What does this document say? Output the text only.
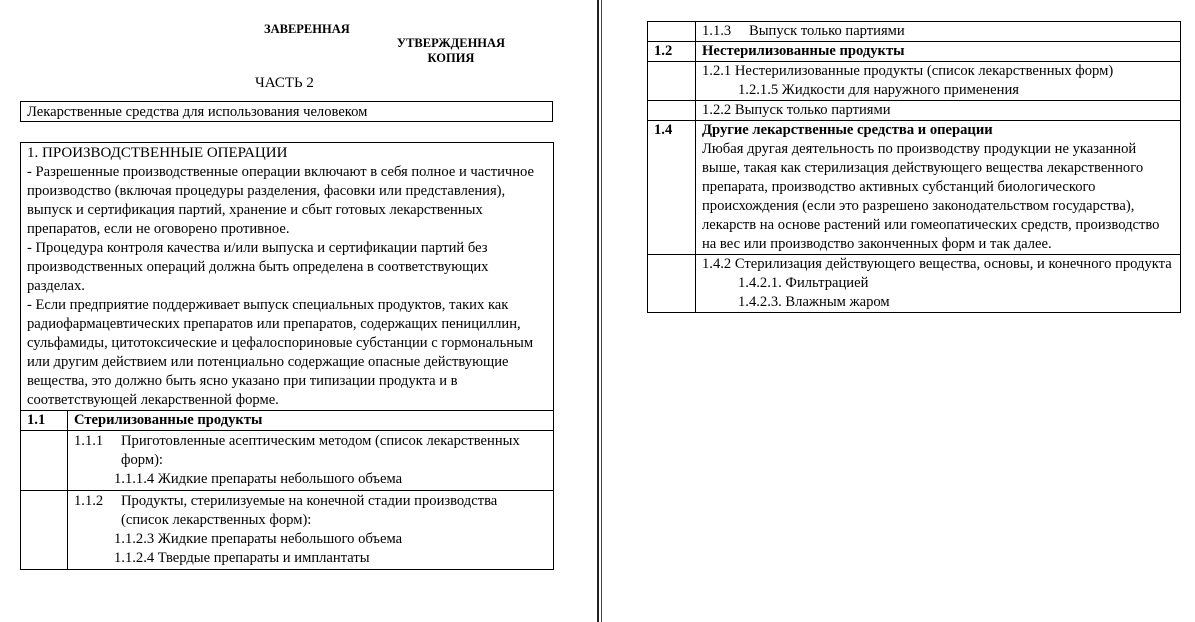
ЗАВЕРЕННАЯ
УТВЕРЖДЕННАЯ
КОПИЯ
ЧАСТЬ 2
Лекарственные средства для использования человеком
1. ПРОИЗВОДСТВЕННЫЕ ОПЕРАЦИИ
- Разрешенные производственные операции включают в себя полное и частичное производство (включая процедуры разделения, фасовки или представления), выпуск и сертификация партий, хранение и сбыт готовых лекарственных препаратов, если не оговорено противное.
- Процедура контроля качества и/или выпуска и сертификации партий без производственных операций должна быть определена в соответствующих разделах.
- Если предприятие поддерживает выпуск специальных продуктов, таких как радиофармацевтических препаратов или препаратов, содержащих пенициллин, сульфамиды, цитотоксические и цефалоспориновые субстанции с гормональным или другим действием или потенциально содержащие опасные действующие вещества, это должно быть ясно указано при типизации продукта и в соответствующей лекарственной форме.	

1.1	Стерилизованные продукты

	1.1.1 Приготовленные асептическим методом (список лекарственных форм):
1.1.1.4 Жидкие препараты небольшого объема

	1.1.2 Продукты, стерилизуемые на конечной стадии производства (список лекарственных форм):
1.1.2.3 Жидкие препараты небольшого объема
1.1.2.4 Твердые препараты и имплантаты
	1.1.3 Выпуск только партиями
1.2	Нестерилизованные продукты

	1.2.1 Нестерилизованные продукты (список лекарственных форм)
1.2.1.5 Жидкости для наружного применения

	1.2.2 Выпуск только партиями
1.4	Другие лекарственные средства и операции
Любая другая деятельность по производству продукции не указанной выше, такая как стерилизация действующего вещества лекарственного препарата, производство активных субстанций биологического происхождения (если это разрешено законодательством государства), лекарств на основе растений или гомеопатических средств, производство на вес или производство законченных форм и так далее.

	1.4.2 Стерилизация действующего вещества, основы, и конечного продукта
1.4.2.1. Фильтрацией
1.4.2.3. Влажным жаром
